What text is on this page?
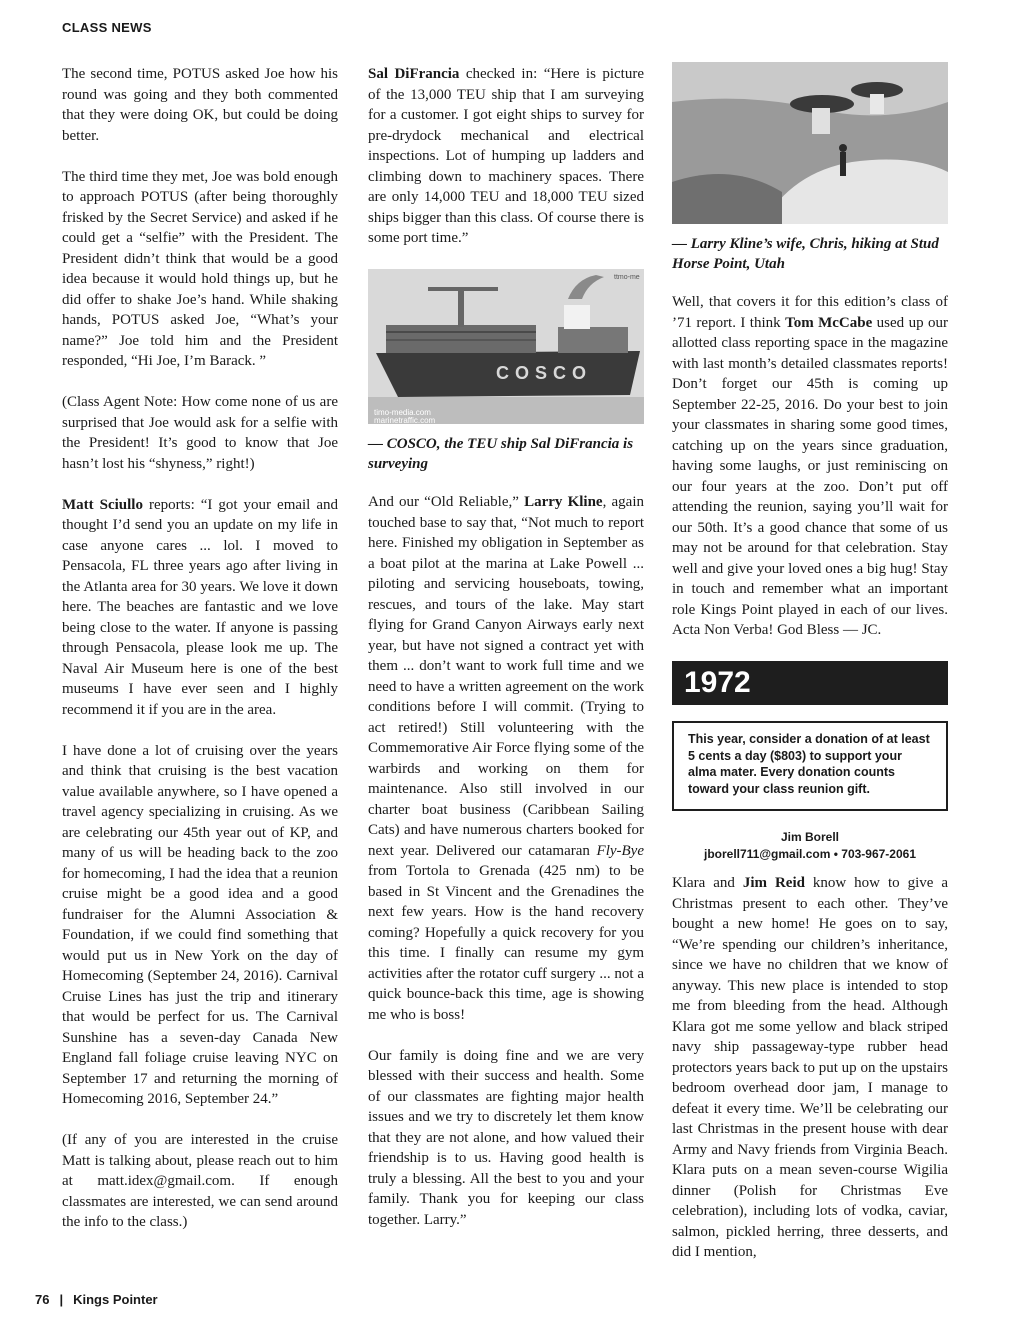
CLASS NEWS

The second time, POTUS asked Joe how his round was going and they both commented that they were doing OK, but could be doing better.

The third time they met, Joe was bold enough to approach POTUS (after being thoroughly frisked by the Secret Service) and asked if he could get a “selfie” with the President. The President didn’t think that would be a good idea because it would hold things up, but he did offer to shake Joe’s hand. While shaking hands, POTUS asked Joe, “What’s your name?” Joe told him and the President responded, “Hi Joe, I’m Barack. ”

(Class Agent Note: How come none of us are surprised that Joe would ask for a selfie with the President! It’s good to know that Joe hasn’t lost his “shyness,” right!)

Matt Sciullo reports: “I got your email and thought I’d send you an update on my life in case anyone cares ... lol. I moved to Pensacola, FL three years ago after living in the Atlanta area for 30 years. We love it down here. The beaches are fantastic and we love being close to the water. If anyone is passing through Pensacola, please look me up. The Naval Air Museum here is one of the best museums I have ever seen and I highly recommend it if you are in the area.

I have done a lot of cruising over the years and think that cruising is the best vacation value available anywhere, so I have opened a travel agency specializing in cruising. As we are celebrating our 45th year out of KP, and many of us will be heading back to the zoo for homecoming, I had the idea that a reunion cruise might be a good idea and a good fundraiser for the Alumni Association & Foundation, if we could find something that would put us in New York on the day of Homecoming (September 24, 2016). Carnival Cruise Lines has just the trip and itinerary that would be perfect for us. The Carnival Sunshine has a seven-day Canada New England fall foliage cruise leaving NYC on September 17 and returning the morning of Homecoming 2016, September 24.”

(If any of you are interested in the cruise Matt is talking about, please reach out to him at matt.idex@gmail.com. If enough classmates are interested, we can send around the info to the class.)

Sal DiFrancia checked in: “Here is picture of the 13,000 TEU ship that I am surveying for a customer. I got eight ships to survey for pre-drydock mechanical and electrical inspections. Lot of humping up ladders and climbing down to machinery spaces. There are only 14,000 TEU and 18,000 TEU sized ships bigger than this class. Of course there is some port time.”

ttmo-me
COSCO
timo-media.com
marinetraffic.com
— COSCO, the TEU ship Sal DiFrancia is surveying

And our “Old Reliable,” Larry Kline, again touched base to say that, “Not much to report here. Finished my obligation in September as a boat pilot at the marina at Lake Powell ... piloting and servicing houseboats, towing, rescues, and tours of the lake. May start flying for Grand Canyon Airways early next year, but have not signed a contract yet with them ... don’t want to work full time and we need to have a written agreement on the work conditions before I will commit. (Trying to act retired!) Still volunteering with the Commemorative Air Force flying some of the warbirds and working on them for maintenance. Also still involved in our charter boat business (Caribbean Sailing Cats) and have numerous charters booked for next year. Delivered our catamaran Fly-Bye from Tortola to Grenada (425 nm) to be based in St Vincent and the Grenadines the next few years. How is the hand recovery coming? Hopefully a quick recovery for you this time. I finally can resume my gym activities after the rotator cuff surgery ... not a quick bounce-back this time, age is showing me who is boss!

Our family is doing fine and we are very blessed with their success and health. Some of our classmates are fighting major health issues and we try to discretely let them know that they are not alone, and how valued their friendship is to us. Having good health is truly a blessing. All the best to you and your family. Thank you for keeping our class together. Larry.”

— Larry Kline’s wife, Chris, hiking at Stud Horse Point, Utah

Well, that covers it for this edition’s class of ’71 report. I think Tom McCabe used up our allotted class reporting space in the magazine with last month’s detailed classmates reports! Don’t forget our 45th is coming up September 22-25, 2016. Do your best to join your classmates in sharing some good times, catching up on the years since graduation, having some laughs, or just reminiscing on our four years at the zoo. Don’t put off attending the reunion, saying you’ll wait for our 50th. It’s a good chance that some of us may not be around for that celebration. Stay well and give your loved ones a big hug! Stay in touch and remember what an important role Kings Point played in each of our lives. Acta Non Verba! God Bless — JC.

1972
This year, consider a donation of at least 5 cents a day ($803) to support your alma mater. Every donation counts toward your class reunion gift.
Jim Borell
jborell711@gmail.com • 703-967-2061

Klara and Jim Reid know how to give a Christmas present to each other. They’ve bought a new home! He goes on to say, “We’re spending our children’s inheritance, since we have no children that we know of anyway. This new place is intended to stop me from bleeding from the head. Although Klara got me some yellow and black striped navy ship passageway-type rubber head protectors years back to put up on the upstairs bedroom overhead door jam, I manage to defeat it every time. We’ll be celebrating our last Christmas in the present house with dear Army and Navy friends from Virginia Beach. Klara puts on a mean seven-course Wigilia dinner (Polish for Christmas Eve celebration), including lots of vodka, caviar, salmon, pickled herring, three desserts, and did I mention,

76 | Kings Pointer
